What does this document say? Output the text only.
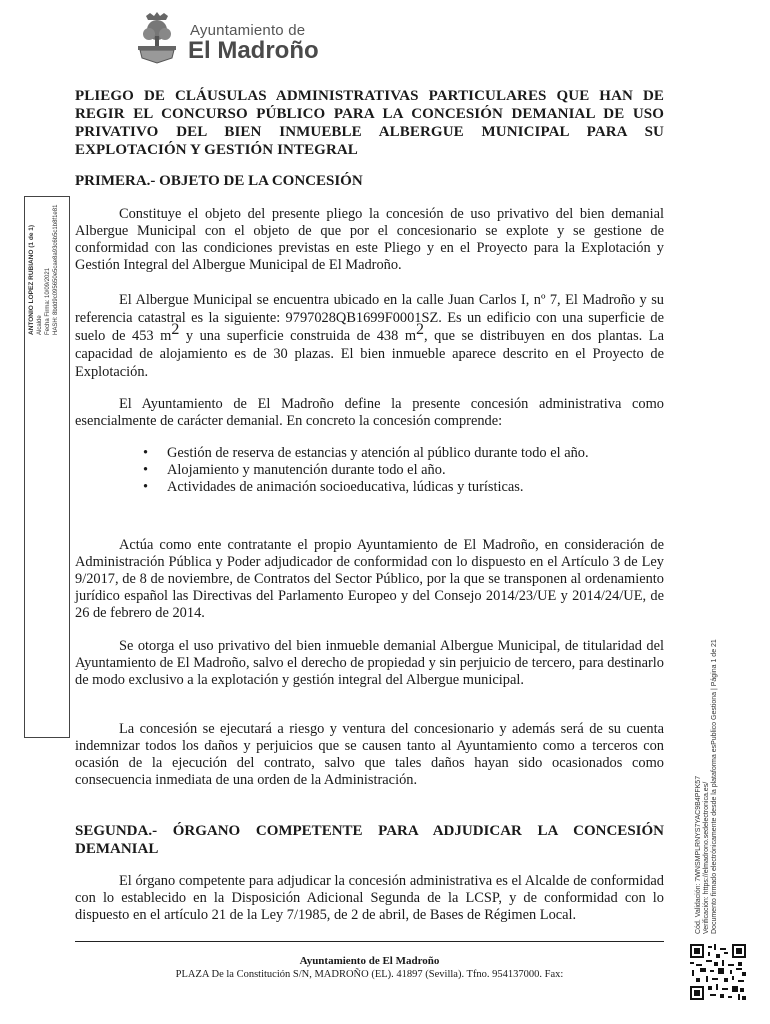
Ayuntamiento de
El Madroño
ANTONIO LOPEZ RUBIANO (1 de 1) Alcalde Fecha Firma: 10/09/2021 HASH: 8bdd9c095650e5cae8a93c6b5c1b8f1e81
Cód. Validación: 7WNSMPLRNYS7YAC9B4PFK57 Verificación: https://elmadrono.sedelectronica.es/ Documento firmado electrónicamente desde la plataforma esPublico Gestiona | Página 1 de 21
PLIEGO DE CLÁUSULAS ADMINISTRATIVAS PARTICULARES QUE HAN DE REGIR EL CONCURSO PÚBLICO PARA LA CONCESIÓN DEMANIAL DE USO PRIVATIVO DEL BIEN INMUEBLE ALBERGUE MUNICIPAL PARA SU EXPLOTACIÓN Y GESTIÓN INTEGRAL
PRIMERA.- OBJETO DE LA CONCESIÓN
Constituye el objeto del presente pliego la concesión de uso privativo del bien demanial Albergue Municipal con el objeto de que por el concesionario se explote y se gestione de conformidad con las condiciones previstas en este Pliego y en el Proyecto para la Explotación y Gestión Integral del Albergue Municipal de El Madroño.
El Albergue Municipal se encuentra ubicado en la calle Juan Carlos I, nº 7, El Madroño y su referencia catastral es la siguiente: 9797028QB1699F0001SZ. Es un edificio con una superficie de suelo de 453 $m^2$ y una superficie construida de 438 $m^2$, que se distribuyen en dos plantas. La capacidad de alojamiento es de 30 plazas. El bien inmueble aparece descrito en el Proyecto de Explotación.
El Ayuntamiento de El Madroño define la presente concesión administrativa como esencialmente de carácter demanial. En concreto la concesión comprende:
• Gestión de reserva de estancias y atención al público durante todo el año.
• Alojamiento y manutención durante todo el año.
• Actividades de animación socioeducativa, lúdicas y turísticas.
Actúa como ente contratante el propio Ayuntamiento de El Madroño, en consideración de Administración Pública y Poder adjudicador de conformidad con lo dispuesto en el Artículo 3 de Ley 9/2017, de 8 de noviembre, de Contratos del Sector Público, por la que se transponen al ordenamiento jurídico español las Directivas del Parlamento Europeo y del Consejo 2014/23/UE y 2014/24/UE, de 26 de febrero de 2014.
Se otorga el uso privativo del bien inmueble demanial Albergue Municipal, de titularidad del Ayuntamiento de El Madroño, salvo el derecho de propiedad y sin perjuicio de tercero, para destinarlo de modo exclusivo a la explotación y gestión integral del Albergue municipal.
La concesión se ejecutará a riesgo y ventura del concesionario y además será de su cuenta indemnizar todos los daños y perjuicios que se causen tanto al Ayuntamiento como a terceros con ocasión de la ejecución del contrato, salvo que tales daños hayan sido ocasionados como consecuencia inmediata de una orden de la Administración.
SEGUNDA.- ÓRGANO COMPETENTE PARA ADJUDICAR LA CONCESIÓN DEMANIAL
El órgano competente para adjudicar la concesión administrativa es el Alcalde de conformidad con lo establecido en la Disposición Adicional Segunda de la LCSP, y de conformidad con lo dispuesto en el artículo 21 de la Ley 7/1985, de 2 de abril, de Bases de Régimen Local.
Ayuntamiento de El Madroño
PLAZA De la Constitución S/N, MADROÑO (EL). 41897 (Sevilla). Tfno. 954137000. Fax:
